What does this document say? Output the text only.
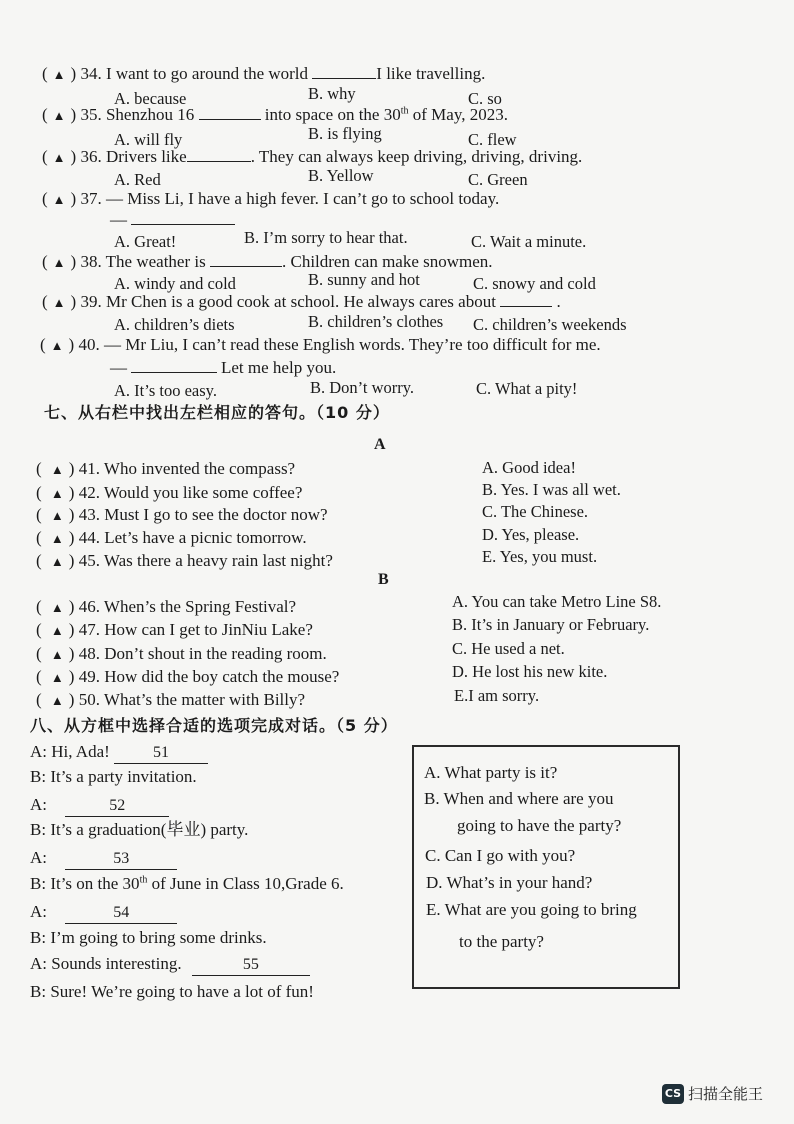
( ▲ ) 34. I want to go around the world	I like travelling.
A. because	B. why	C. so
( ▲ ) 35. Shenzhou 16	into space on the 30th of May, 2023.
A. will fly	B. is flying	C. flew
( ▲ ) 36. Drivers like	. They can always keep driving, driving, driving.
A. Red	B. Yellow	C. Green
( ▲ ) 37. — Miss Li, I have a high fever. I can’t go to school today.
—
A. Great!	B. I’m sorry to hear that.	C. Wait a minute.
( ▲ ) 38. The weather is	. Children can make snowmen.
A. windy and cold	B. sunny and hot	C. snowy and cold
( ▲ ) 39. Mr Chen is a good cook at school. He always cares about	.
A. children’s diets	B. children’s clothes C. children’s weekends
( ▲ ) 40. — Mr Liu, I can’t read these English words. They’re too difficult for me.
—	Let me help you.
A. It’s too easy.	B. Don’t worry.	C. What a pity!
七、从右栏中找出左栏相应的答句。（10 分）
A
( ▲ ) 41. Who invented the compass?	A. Good idea!
( ▲ ) 42. Would you like some coffee?	B. Yes. I was all wet.
( ▲ ) 43. Must I go to see the doctor now?	C. The Chinese.
( ▲ ) 44. Let’s have a picnic tomorrow.	D. Yes, please.
( ▲ ) 45. Was there a heavy rain last night?	E. Yes, you must.
B
( ▲ ) 46. When’s the Spring Festival?	A. You can take Metro Line S8.
( ▲ ) 47. How can I get to JinNiu Lake?	B. It’s in January or February.
( ▲ ) 48. Don’t shout in the reading room.	C. He used a net.
( ▲ ) 49. How did the boy catch the mouse?	D. He lost his new kite.
( ▲ ) 50. What’s the matter with Billy?	E.I am sorry.
八、从方框中选择合适的选项完成对话。（5 分）
A: Hi, Ada!	51
B: It’s a party invitation.
A:	52
B: It’s a graduation(毕业) party.
A:	53
B: It’s on the 30th of June in Class 10,Grade 6.
A:	54
B: I’m going to bring some drinks.
A: Sounds interesting.	55
B: Sure! We’re going to have a lot of fun!
A. What party is it?
B. When and where are you
going to have the party?
C. Can I go with you?
D. What’s in your hand?
E. What are you going to bring
to the party?
CS 扫描全能王
